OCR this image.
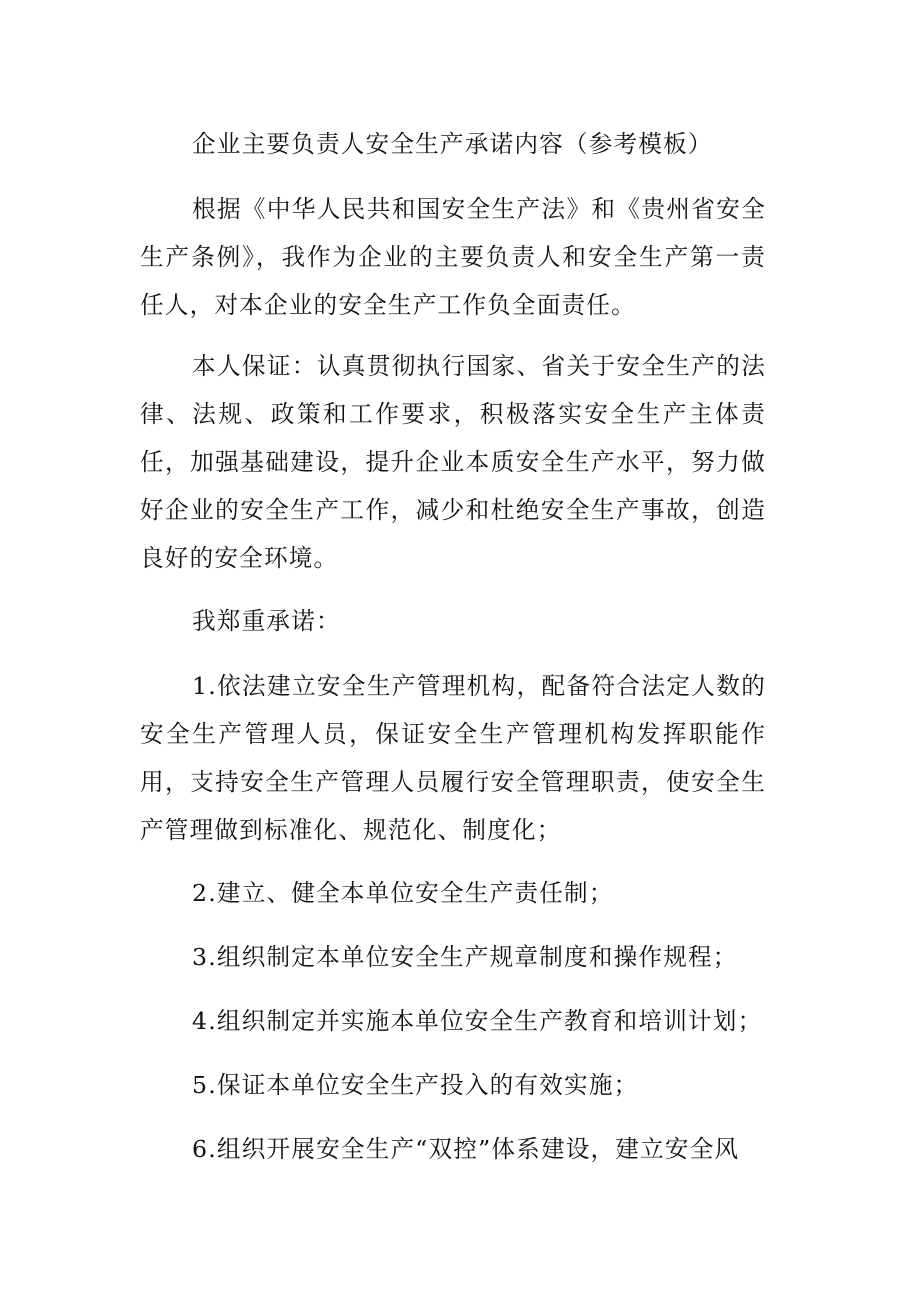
企业主要负责人安全生产承诺内容（参考模板）

根据《中华人民共和国安全生产法》和《贵州省安全生产条例》，我作为企业的主要负责人和安全生产第一责任人，对本企业的安全生产工作负全面责任。

本人保证：认真贯彻执行国家、省关于安全生产的法律、法规、政策和工作要求，积极落实安全生产主体责任，加强基础建设，提升企业本质安全生产水平，努力做好企业的安全生产工作，减少和杜绝安全生产事故，创造良好的安全环境。

我郑重承诺：

1.依法建立安全生产管理机构，配备符合法定人数的安全生产管理人员，保证安全生产管理机构发挥职能作用，支持安全生产管理人员履行安全管理职责，使安全生产管理做到标准化、规范化、制度化；

2.建立、健全本单位安全生产责任制；

3.组织制定本单位安全生产规章制度和操作规程；

4.组织制定并实施本单位安全生产教育和培训计划；

5.保证本单位安全生产投入的有效实施；

6.组织开展安全生产“双控”体系建设，建立安全风
